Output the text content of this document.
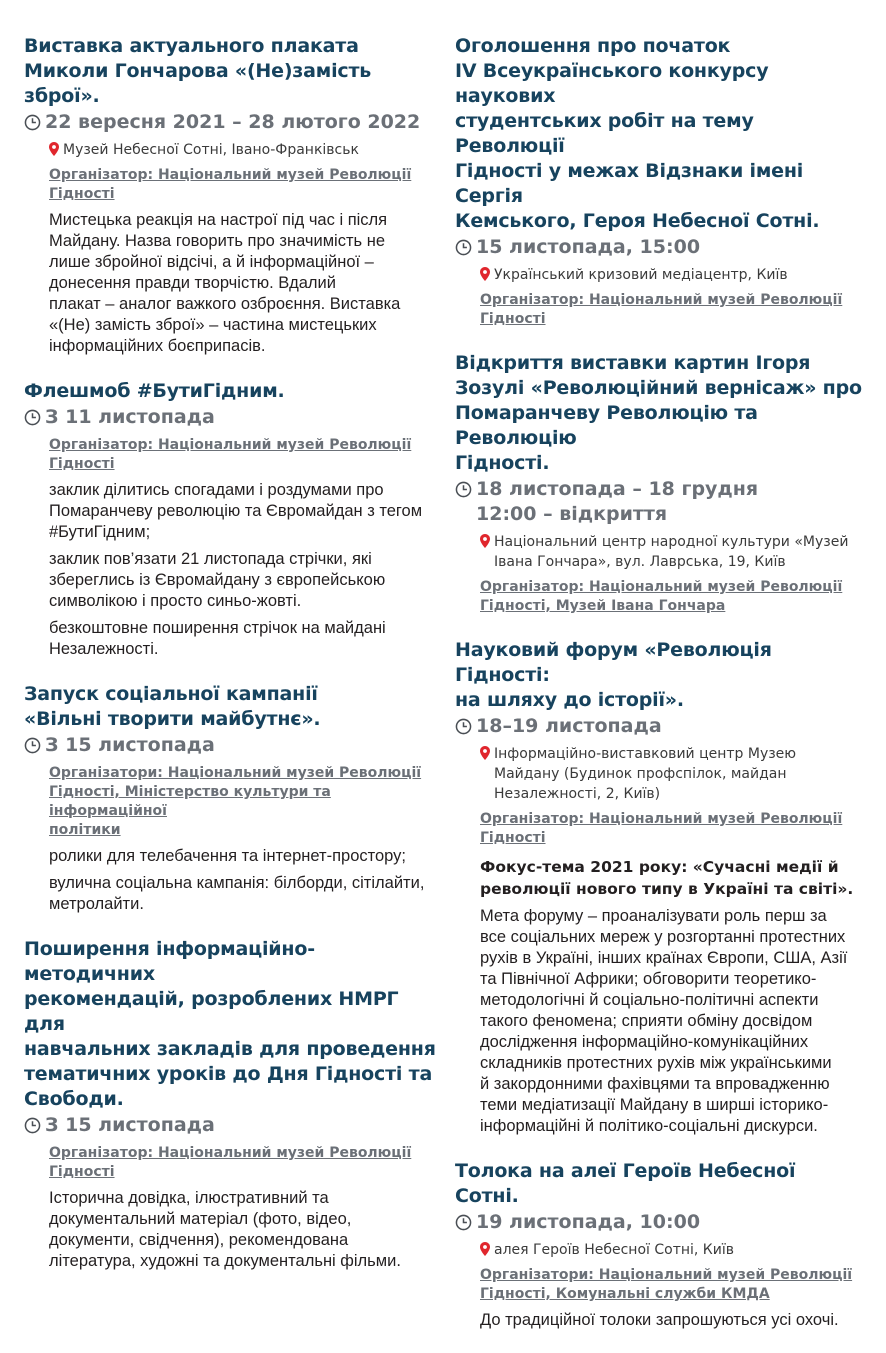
Виставка актуального плаката
Миколи Гончарова «(Не)замість зброї».
22 вересня 2021 – 28 лютого 2022
Музей Небесної Сотні, Івано-Франківськ
Організатор: Національний музей Революції
Гідності
Мистецька реакція на настрої під час і після
Майдану. Назва говорить про значимість не
лише збройної відсічі, а й інформаційної –
донесення правди творчістю. Вдалий
плакат – аналог важкого озброєння. Виставка
«(Не) замість зброї» – частина мистецьких
інформаційних боєприпасів.
Флешмоб #БутиГідним.
З 11 листопада
Організатор: Національний музей Революції
Гідності
заклик ділитись спогадами і роздумами про
Помаранчеву революцію та Євромайдан з тегом
#БутиГідним;
заклик пов’язати 21 листопада стрічки, які
збереглись із Євромайдану з європейською
символікою і просто синьо-жовті.
безкоштовне поширення стрічок на майдані
Незалежності.
Запуск соціальної кампанії
«Вільні творити майбутнє».
З 15 листопада
Організатори: Національний музей Революції
Гідності, Міністерство культури та інформаційної
політики
ролики для телебачення та інтернет-простору;
вулична соціальна кампанія: білборди, сітілайти,
метролайти.
Поширення інформаційно-методичних
рекомендацій, розроблених НМРГ для
навчальних закладів для проведення
тематичних уроків до Дня Гідності та
Свободи.
З 15 листопада
Організатор: Національний музей Революції
Гідності
Історична довідка, ілюстративний та
документальний матеріал (фото, відео,
документи, свідчення), рекомендована
література, художні та документальні фільми.
Оголошення про початок
IV Всеукраїнського конкурсу наукових
студентських робіт на тему Революції
Гідності у межах Відзнаки імені Сергія
Кемського, Героя Небесної Сотні.
15 листопада, 15:00
Український кризовий медіацентр, Київ
Організатор: Національний музей Революції
Гідності
Відкриття виставки картин Ігоря
Зозулі «Революційний вернісаж» про
Помаранчеву Революцію та Революцію
Гідності.
18 листопада – 18 грудня
12:00 – відкриття
Національний центр народної культури «Музей
Івана Гончара», вул. Лаврська, 19, Київ
Організатор: Національний музей Революції
Гідності, Музей Івана Гончара
Науковий форум «Революція Гідності:
на шляху до історії».
18–19 листопада
Інформаційно-виставковий центр Музею
Майдану (Будинок профспілок, майдан
Незалежності, 2, Київ)
Організатор: Національний музей Революції
Гідності
Фокус-тема 2021 року: «Сучасні медії й
революції нового типу в Україні та світі».
Мета форуму – проаналізувати роль перш за
все соціальних мереж у розгортанні протестних
рухів в Україні, інших країнах Європи, США, Азії
та Північної Африки; обговорити теоретико-
методологічні й соціально-політичні аспекти
такого феномена; сприяти обміну досвідом
дослідження інформаційно-комунікаційних
складників протестних рухів між українськими
й закордонними фахівцями та впровадженню
теми медіатизації Майдану в ширші історико-
інформаційні й політико-соціальні дискурси.
Толока на алеї Героїв Небесної Сотні.
19 листопада, 10:00
алея Героїв Небесної Сотні, Київ
Організатори: Національний музей Революції
Гідності, Комунальні служби КМДА
До традиційної толоки запрошуються усі охочі.
